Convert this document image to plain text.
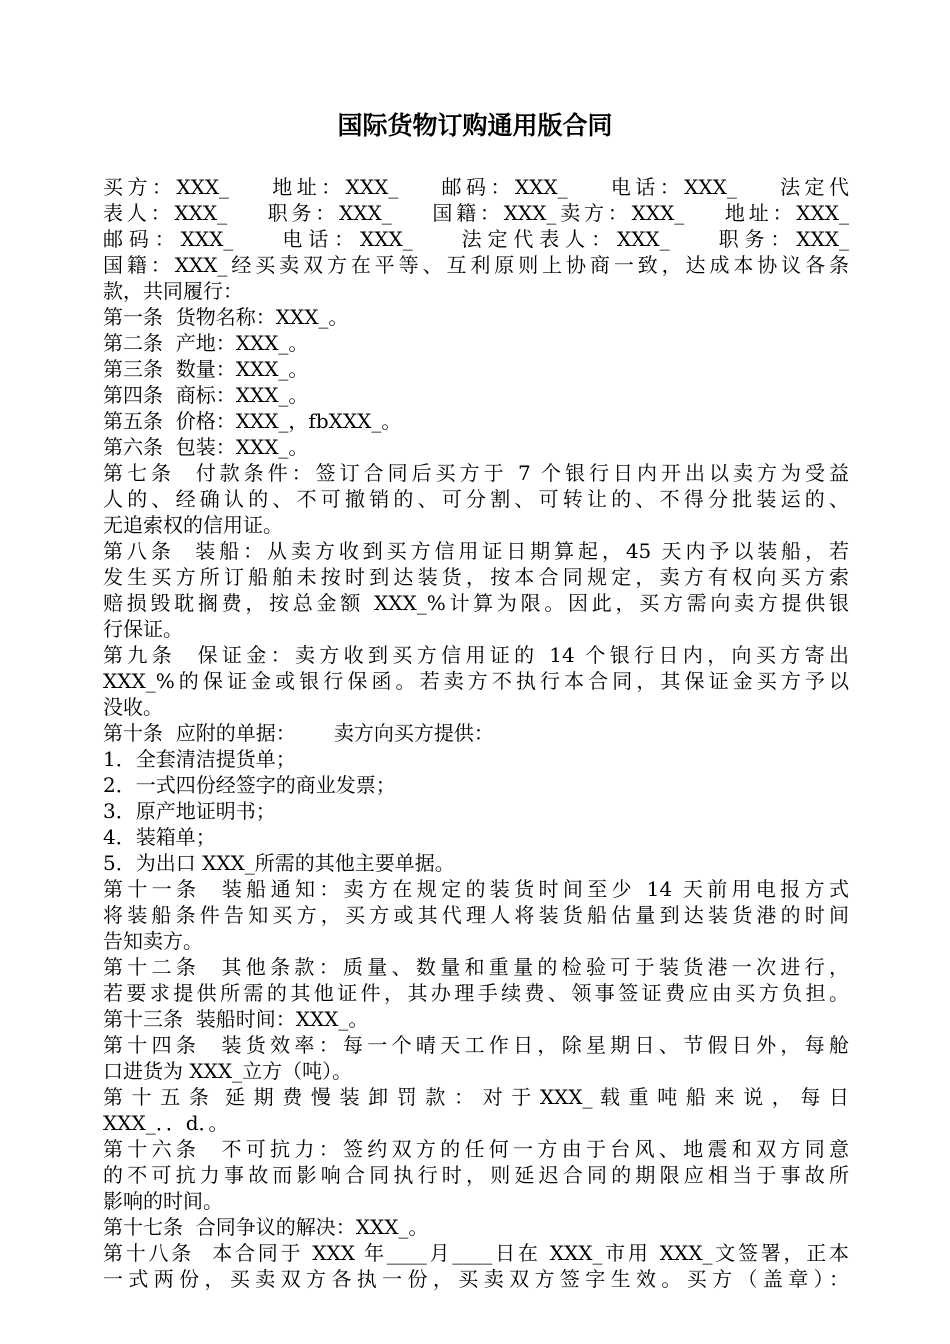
国际货物订购通用版合同
买方：XXX_    地址：XXX_    邮码：XXX_    电话：XXX_    法定代
表人：XXX_    职务：XXX_    国籍：XXX_卖方：XXX_    地址：XXX_
邮码：XXX_    电话：XXX_    法定代表人：XXX_    职务：XXX_
国籍：XXX_经买卖双方在平等、互利原则上协商一致，达成本协议各条
款，共同履行：
第一条  货物名称：XXX_。
第二条  产地：XXX_。
第三条  数量：XXX_。
第四条  商标：XXX_。
第五条  价格：XXX_，fbXXX_。
第六条  包装：XXX_。
第七条  付款条件：签订合同后买方于 7 个银行日内开出以卖方为受益
人的、经确认的、不可撤销的、可分割、可转让的、不得分批装运的、
无追索权的信用证。
第八条  装船：从卖方收到买方信用证日期算起，45 天内予以装船，若
发生买方所订船舶未按时到达装货，按本合同规定，卖方有权向买方索
赔损毁耽搁费，按总金额 XXX_%计算为限。因此，买方需向卖方提供银
行保证。
第九条  保证金：卖方收到买方信用证的 14 个银行日内，向买方寄出
XXX_%的保证金或银行保函。若卖方不执行本合同，其保证金买方予以
没收。
第十条  应附的单据：      卖方向买方提供：
1．全套清洁提货单；
2．一式四份经签字的商业发票；
3．原产地证明书；
4．装箱单；
5．为出口 XXX_所需的其他主要单据。
第十一条  装船通知：卖方在规定的装货时间至少 14 天前用电报方式
将装船条件告知买方，买方或其代理人将装货船估量到达装货港的时间
告知卖方。
第十二条  其他条款：质量、数量和重量的检验可于装货港一次进行，
若要求提供所需的其他证件，其办理手续费、领事签证费应由买方负担。
第十三条  装船时间：XXX_。
第十四条  装货效率：每一个晴天工作日，除星期日、节假日外，每舱
口进货为 XXX_立方（吨）。
第 十 五 条  延 期 费 慢 装 卸 罚 款 ： 对 于 XXX_ 载 重 吨 船 来 说 ， 每 日
XXX_．．d．。
第十六条  不可抗力：签约双方的任何一方由于台风、地震和双方同意
的不可抗力事故而影响合同执行时，则延迟合同的期限应相当于事故所
影响的时间。
第十七条  合同争议的解决：XXX_。
第十八条  本合同于 XXX 年____月____日在 XXX_市用 XXX_文签署，正本
一式两份，买卖双方各执一份，买卖双方签字生效。买方（盖章）：
